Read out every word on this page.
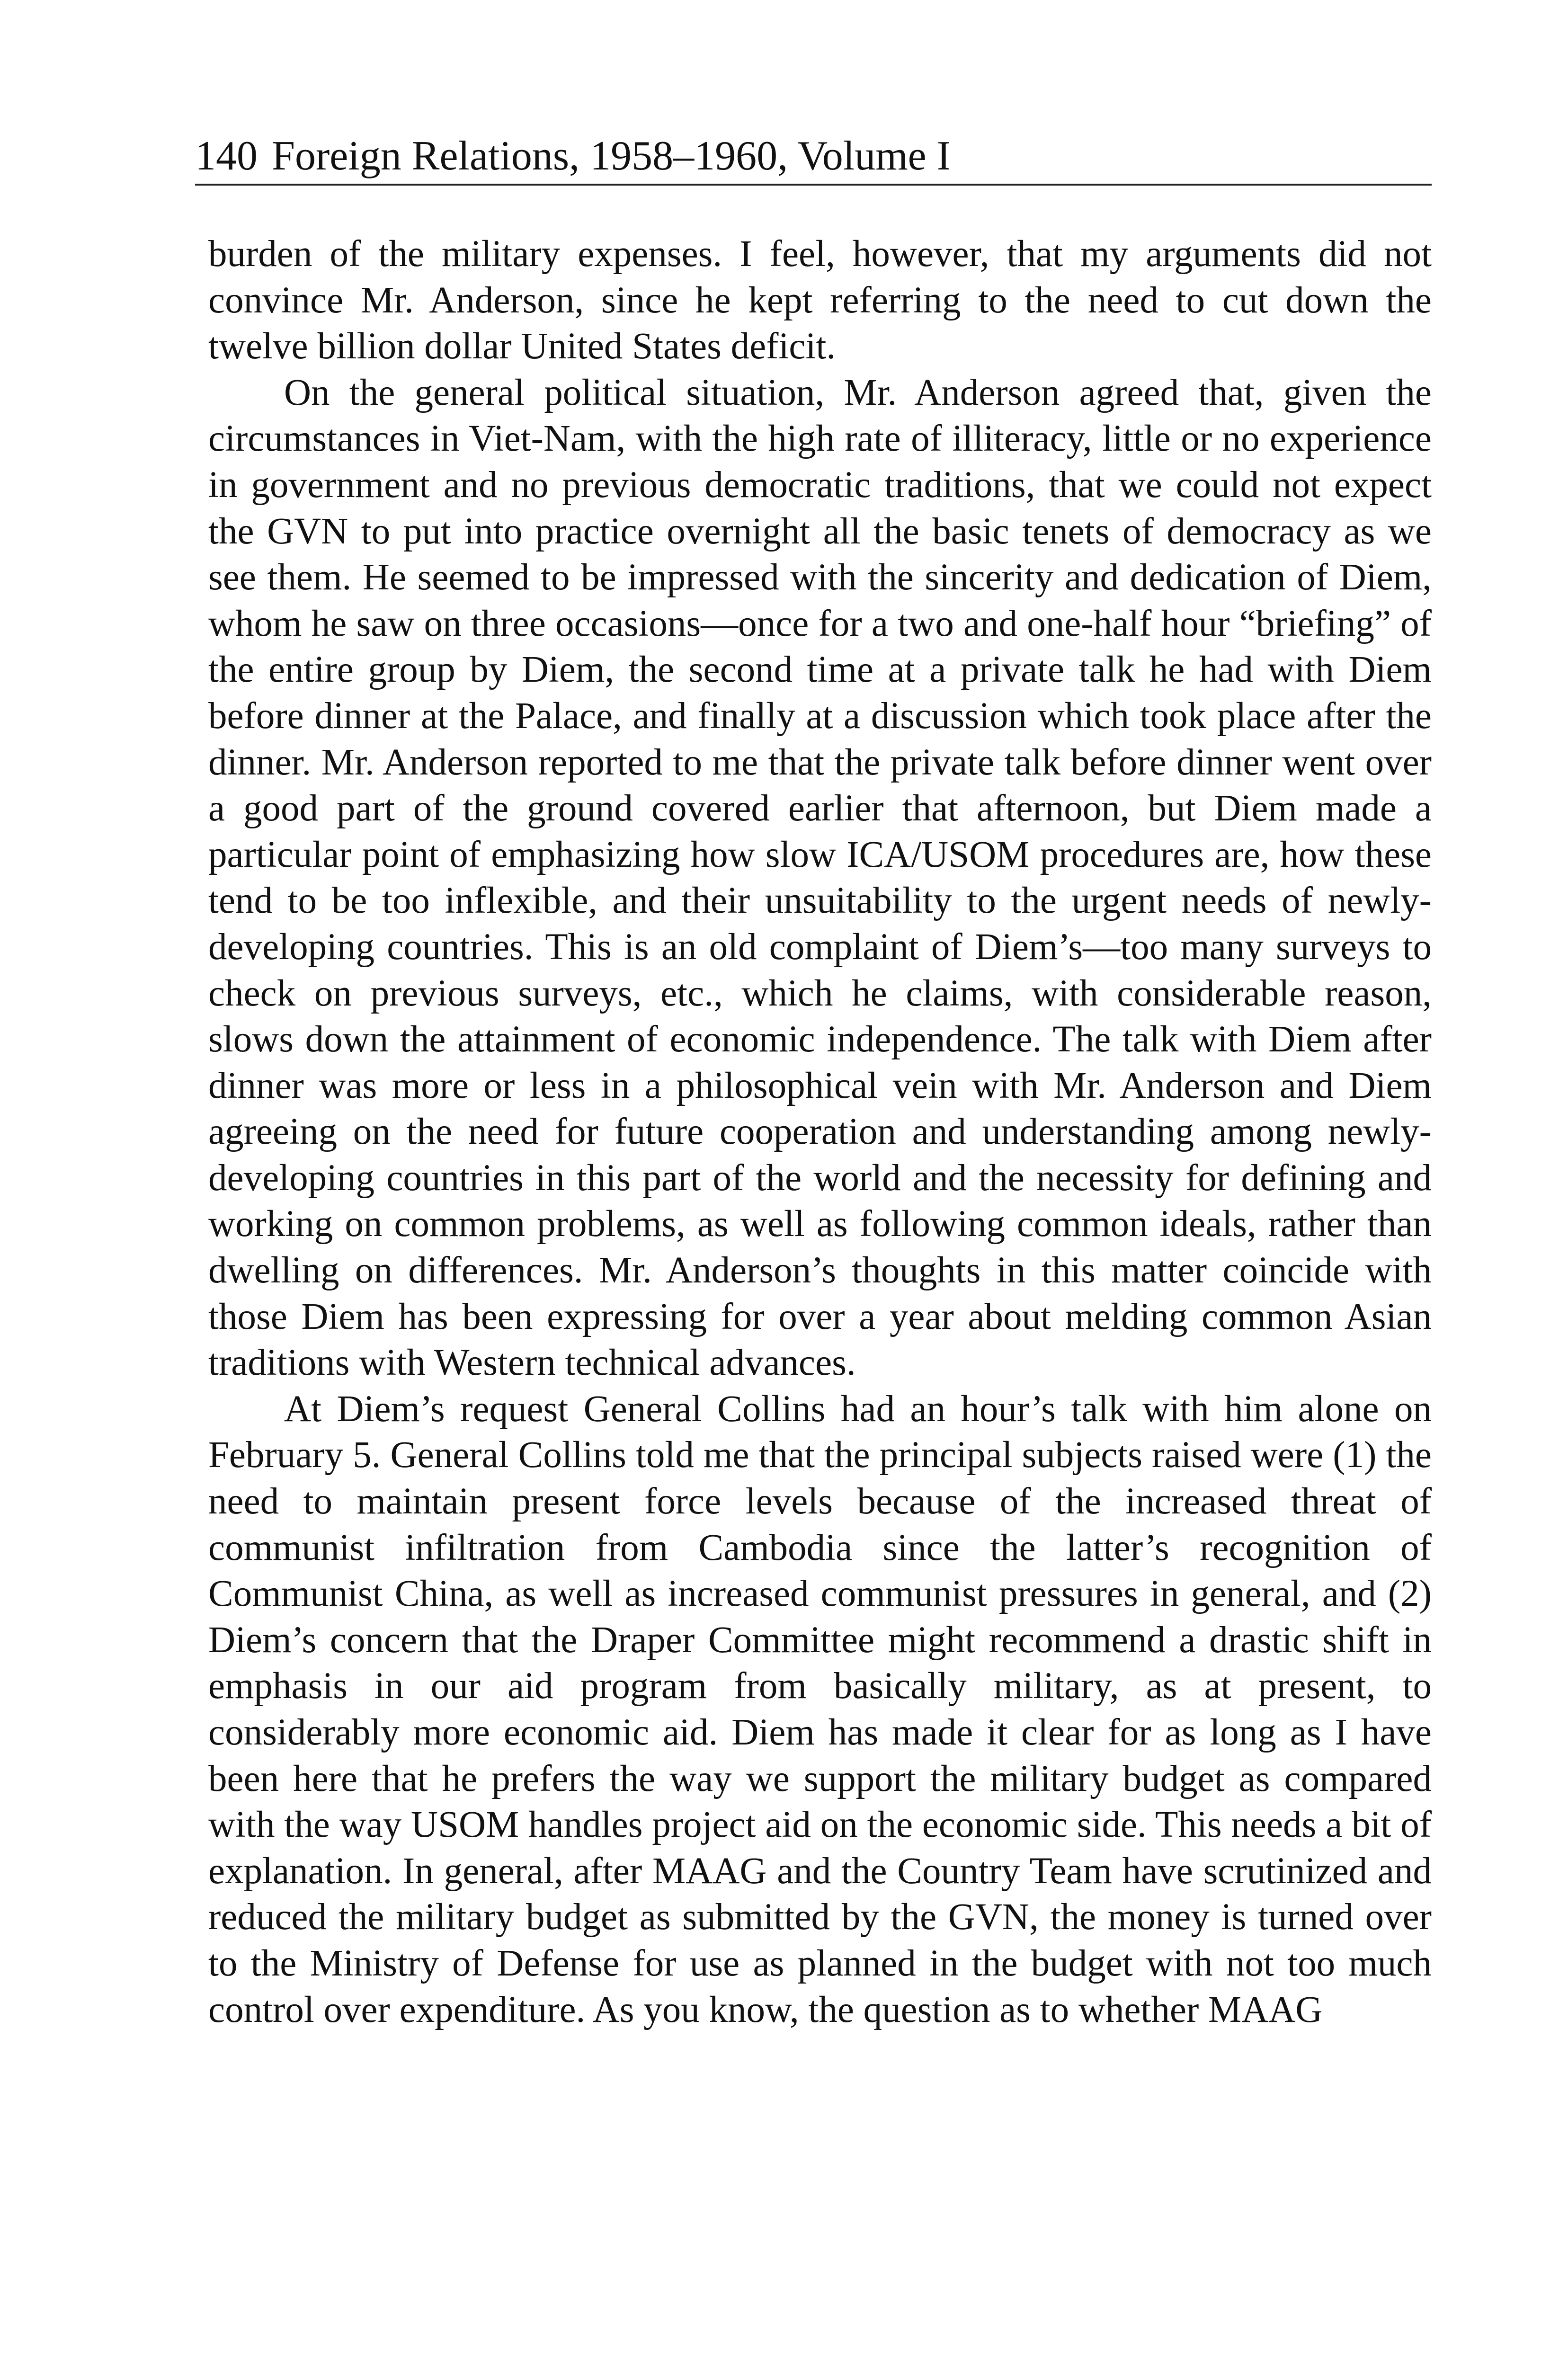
140 Foreign Relations, 1958–1960, Volume I

burden of the military expenses. I feel, however, that my arguments did not convince Mr. Anderson, since he kept referring to the need to cut down the twelve billion dollar United States deficit.

On the general political situation, Mr. Anderson agreed that, given the circumstances in Viet-Nam, with the high rate of illiteracy, little or no experience in government and no previous democratic traditions, that we could not expect the GVN to put into practice overnight all the basic tenets of democracy as we see them. He seemed to be impressed with the sincerity and dedication of Diem, whom he saw on three occasions—once for a two and one-half hour “briefing” of the entire group by Diem, the second time at a private talk he had with Diem before dinner at the Palace, and finally at a discussion which took place after the dinner. Mr. Anderson reported to me that the private talk before dinner went over a good part of the ground covered earlier that afternoon, but Diem made a particular point of emphasizing how slow ICA/USOM procedures are, how these tend to be too inflexible, and their unsuitability to the urgent needs of newly-developing countries. This is an old complaint of Diem’s—too many surveys to check on previous surveys, etc., which he claims, with considerable reason, slows down the attainment of economic independence. The talk with Diem after dinner was more or less in a philosophical vein with Mr. Anderson and Diem agreeing on the need for future cooperation and understanding among newly-developing countries in this part of the world and the necessity for defining and working on common problems, as well as following common ideals, rather than dwelling on differences. Mr. Anderson’s thoughts in this matter coincide with those Diem has been expressing for over a year about melding common Asian traditions with Western technical advances.

At Diem’s request General Collins had an hour’s talk with him alone on February 5. General Collins told me that the principal subjects raised were (1) the need to maintain present force levels because of the increased threat of communist infiltration from Cambodia since the latter’s recognition of Communist China, as well as increased communist pressures in general, and (2) Diem’s concern that the Draper Committee might recommend a drastic shift in emphasis in our aid program from basically military, as at present, to considerably more economic aid. Diem has made it clear for as long as I have been here that he prefers the way we support the military budget as compared with the way USOM handles project aid on the economic side. This needs a bit of explanation. In general, after MAAG and the Country Team have scrutinized and reduced the military budget as submitted by the GVN, the money is turned over to the Ministry of Defense for use as planned in the budget with not too much control over expenditure. As you know, the question as to whether MAAG
